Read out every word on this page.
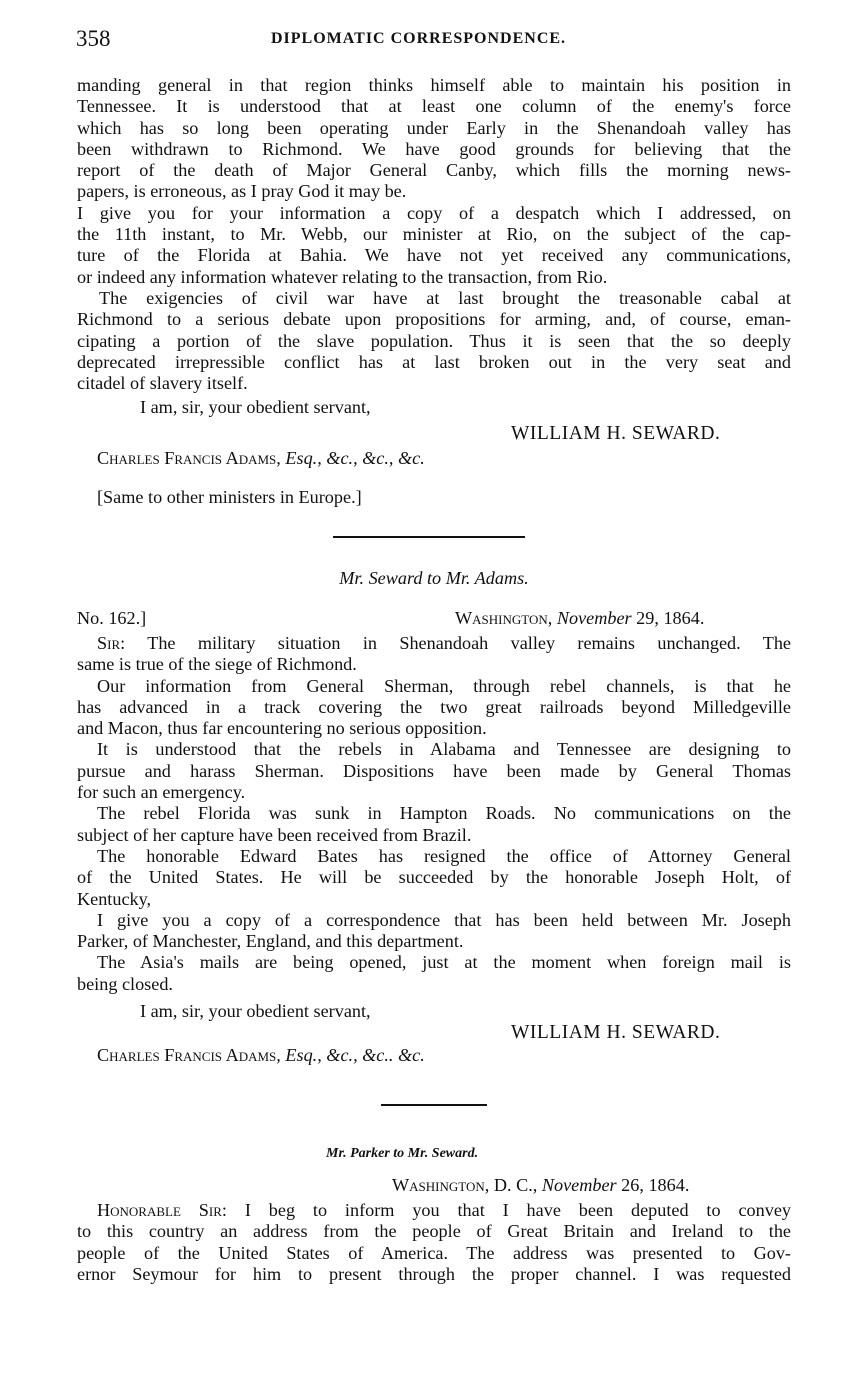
358	DIPLOMATIC CORRESPONDENCE.
manding general in that region thinks himself able to maintain his position in
Tennessee. It is understood that at least one column of the enemy's force
which has so long been operating under Early in the Shenandoah valley has
been withdrawn to Richmond. We have good grounds for believing that the
report of the death of Major General Canby, which fills the morning news-
papers, is erroneous, as I pray God it may be.
I give you for your information a copy of a despatch which I addressed, on
the 11th instant, to Mr. Webb, our minister at Rio, on the subject of the cap-
ture of the Florida at Bahia. We have not yet received any communications,
or indeed any information whatever relating to the transaction, from Rio.
The exigencies of civil war have at last brought the treasonable cabal at
Richmond to a serious debate upon propositions for arming, and, of course, eman-
cipating a portion of the slave population. Thus it is seen that the so deeply
deprecated irrepressible conflict has at last broken out in the very seat and
citadel of slavery itself.
I am, sir, your obedient servant,
WILLIAM H. SEWARD.
Charles Francis Adams, Esq., &c., &c., &c.
[Same to other ministers in Europe.]
Mr. Seward to Mr. Adams.
No. 162.]	Washington, November 29, 1864.
Sir: The military situation in Shenandoah valley remains unchanged. The
same is true of the siege of Richmond.
Our information from General Sherman, through rebel channels, is that he
has advanced in a track covering the two great railroads beyond Milledgeville
and Macon, thus far encountering no serious opposition.
It is understood that the rebels in Alabama and Tennessee are designing to
pursue and harass Sherman. Dispositions have been made by General Thomas
for such an emergency.
The rebel Florida was sunk in Hampton Roads. No communications on the
subject of her capture have been received from Brazil.
The honorable Edward Bates has resigned the office of Attorney General
of the United States. He will be succeeded by the honorable Joseph Holt, of
Kentucky,
I give you a copy of a correspondence that has been held between Mr. Joseph
Parker, of Manchester, England, and this department.
The Asia's mails are being opened, just at the moment when foreign mail is
being closed.
I am, sir, your obedient servant,
WILLIAM H. SEWARD.
Charles Francis Adams, Esq., &c., &c.. &c.
Mr. Parker to Mr. Seward.
Washington, D. C., November 26, 1864.
Honorable Sir: I beg to inform you that I have been deputed to convey
to this country an address from the people of Great Britain and Ireland to the
people of the United States of America. The address was presented to Gov-
ernor Seymour for him to present through the proper channel. I was requested
